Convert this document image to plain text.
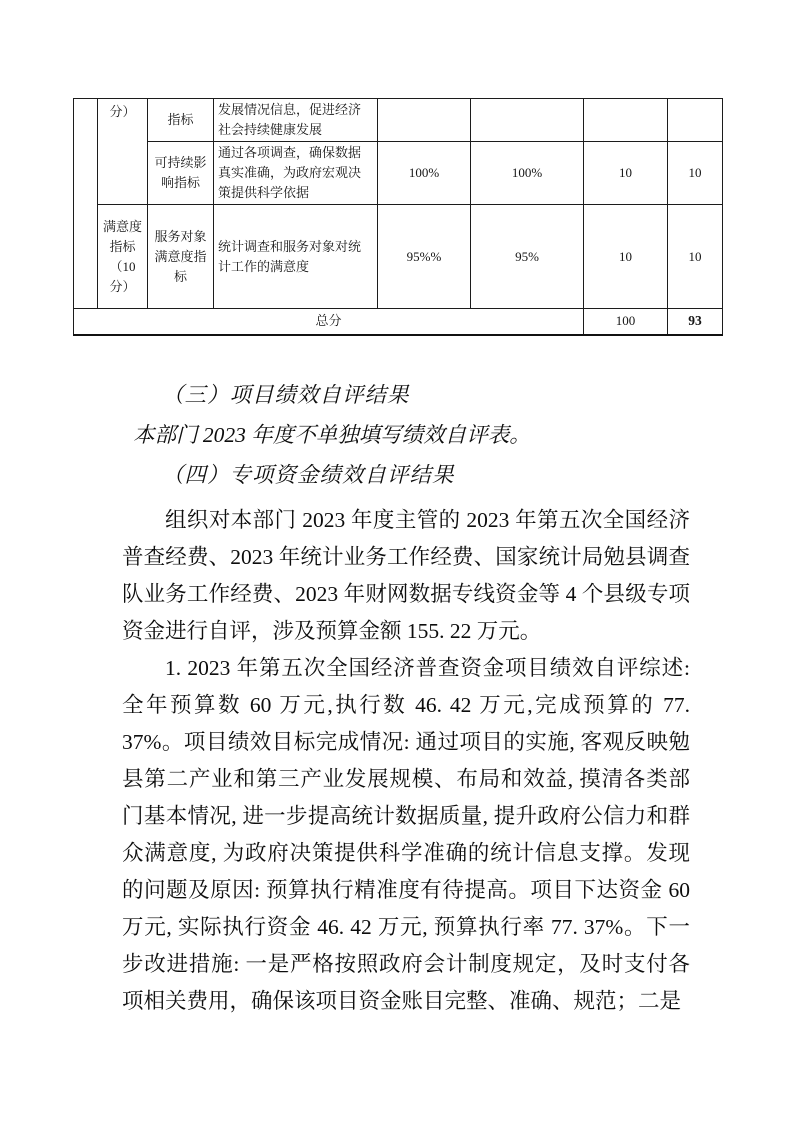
	分）	指标	发展情况信息，促进经济社会持续健康发展				
		可持续影响指标	通过各项调查，确保数据真实准确，为政府宏观决策提供科学依据	100%	100%	10	10
	满意度指标（10分）	服务对象满意度指标	统计调查和服务对象对统计工作的满意度	95%%	95%	10	10
总分						100	93
（三）项目绩效自评结果
本部门 2023 年度不单独填写绩效自评表。
（四）专项资金绩效自评结果

组织对本部门 2023 年度主管的 2023 年第五次全国经济普查经费、2023 年统计业务工作经费、国家统计局勉县调查队业务工作经费、2023 年财网数据专线资金等 4 个县级专项资金进行自评，涉及预算金额 155. 22 万元。

1. 2023 年第五次全国经济普查资金项目绩效自评综述:全年预算数 60 万元,执行数 46. 42 万元,完成预算的 77. 37%。项目绩效目标完成情况: 通过项目的实施, 客观反映勉县第二产业和第三产业发展规模、布局和效益, 摸清各类部门基本情况, 进一步提高统计数据质量, 提升政府公信力和群众满意度, 为政府决策提供科学准确的统计信息支撑。发现的问题及原因: 预算执行精准度有待提高。项目下达资金 60 万元, 实际执行资金 46. 42 万元, 预算执行率 77. 37%。下一步改进措施: 一是严格按照政府会计制度规定，及时支付各项相关费用，确保该项目资金账目完整、准确、规范；二是
